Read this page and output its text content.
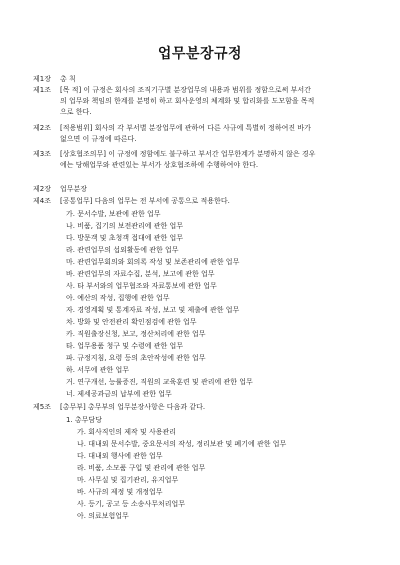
업무분장규정
제1장 총 칙
제1조 [목 적] 이 규정은 회사의 조직기구별 분장업무의 내용과 범위를 정함으로써 부서간
의 업무와 책임의 한계를 분명히 하고 회사운영의 체계화 및 합리화를 도모함을 목적
으로 한다.
제2조 [적용범위] 회사의 각 부서별 분장업무에 관하여 다른 사규에 특별히 정하여진 바가
없으면 이 규정에 따른다.
제3조 [상호협조의무] 이 규정에 정함에도 불구하고 부서간 업무한계가 분명하지 않은 경우
에는 당해업무와 관련있는 부서가 상호협조하에 수행하여야 한다.
제2장 업무분장
제4조 [공통업무] 다음의 업무는 전 부서에 공통으로 적용한다.
가. 문서수발, 보관에 관한 업무
나. 비품, 집기의 보전관리에 관한 업무
다. 방문객 및 초청객 접대에 관한 업무
라. 관련업무의 섭외활동에 관한 업무
마. 관련업무회의와 회의록 작성 및 보존관리에 관한 업무
바. 관련업무의 자료수집, 분석, 보고에 관한 업무
사. 타 부서와의 업무협조와 자료통보에 관한 업무
아. 예산의 작성, 집행에 관한 업무
자. 경영계획 및 통계자료 작성, 보고 및 제출에 관한 업무
차. 방화 및 안전관리 확인점검에 관한 업무
카. 직원출장신청, 보고, 정산처리에 관한 업무
타. 업무용품 청구 및 수령에 관한 업무
파. 규정지침, 요령 등의 초안작성에 관한 업무
하. 서무에 관한 업무
거. 연구개선, 능률증진, 직원의 교육훈련 및 관리에 관한 업무
너. 제세공과금의 납부에 관한 업무
제5조 [총무부] 총무부의 업무분장사항은 다음과 같다.
1. 총무담당
가. 회사직인의 제작 및 사용관리
나. 대내외 문서수발, 중요문서의 작성, 정리보관 및 폐기에 관한 업무
다. 대내외 행사에 관한 업무
라. 비품, 소모품 구입 및 관리에 관한 업무
마. 사무실 및 집기관리, 유지업무
바. 사규의 제정 및 개정업무
사. 등기, 공고 등 소송사무처리업무
아. 의료보험업무
